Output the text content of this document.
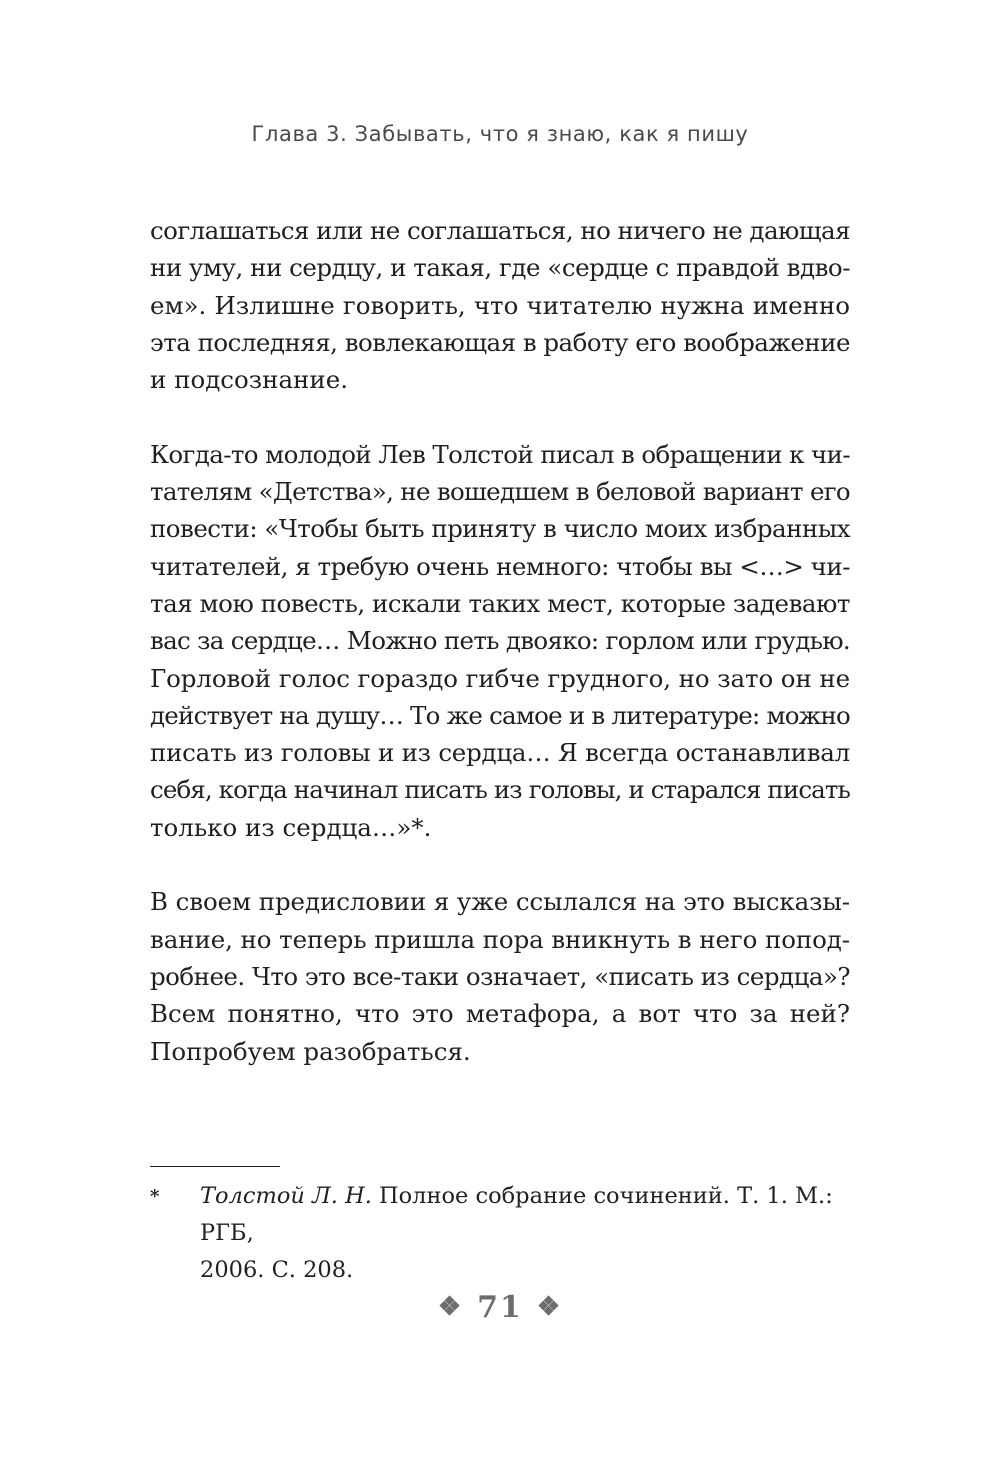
Глава 3. Забывать, что я знаю, как я пишу
соглашаться или не соглашаться, но ничего не дающая
ни уму, ни сердцу, и такая, где «сердце с правдой вдво-
ем». Излишне говорить, что читателю нужна именно
эта последняя, вовлекающая в работу его воображение
и подсознание.
Когда-то молодой Лев Толстой писал в обращении к чи-
тателям «Детства», не вошедшем в беловой вариант его
повести: «Чтобы быть приняту в число моих избранных
читателей, я требую очень немного: чтобы вы <…> чи-
тая мою повесть, искали таких мест, которые задевают
вас за сердце… Можно петь двояко: горлом или грудью.
Горловой голос гораздо гибче грудного, но зато он не
действует на душу… То же самое и в литературе: можно
писать из головы и из сердца… Я всегда останавливал
себя, когда начинал писать из головы, и старался писать
только из сердца…»*.
В своем предисловии я уже ссылался на это высказы-
вание, но теперь пришла пора вникнуть в него попод-
робнее. Что это все-таки означает, «писать из сердца»?
Всем понятно, что это метафора, а вот что за ней?
Попробуем разобраться.
* Толстой Л. Н. Полное собрание сочинений. Т. 1. М.: РГБ,
2006. С. 208.
❖ 71 ❖
